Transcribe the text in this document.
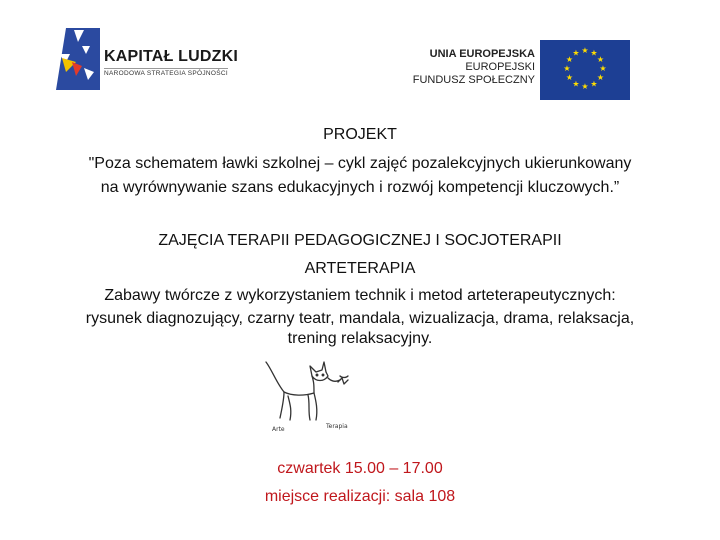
KAPITAŁ LUDZKI
NARODOWA STRATEGIA SPÓJNOŚCI
UNIA EUROPEJSKA
EUROPEJSKI
FUNDUSZ SPOŁECZNY
★ ★
★
★
★
★
★
★
★
★
★
★
PROJEKT
"Poza schematem ławki szkolnej – cykl zajęć pozalekcyjnych ukierunkowany
na wyrównywanie szans edukacyjnych i rozwój kompetencji kluczowych.”
ZAJĘCIA TERAPII PEDAGOGICZNEJ I SOCJOTERAPII
ARTETERAPIA
Zabawy twórcze z wykorzystaniem technik i metod arteterapeutycznych:
rysunek diagnozujący, czarny teatr, mandala, wizualizacja, drama, relaksacja,
trening relaksacyjny.
Arte	Terapia
czwartek 15.00 – 17.00
miejsce realizacji: sala 108
